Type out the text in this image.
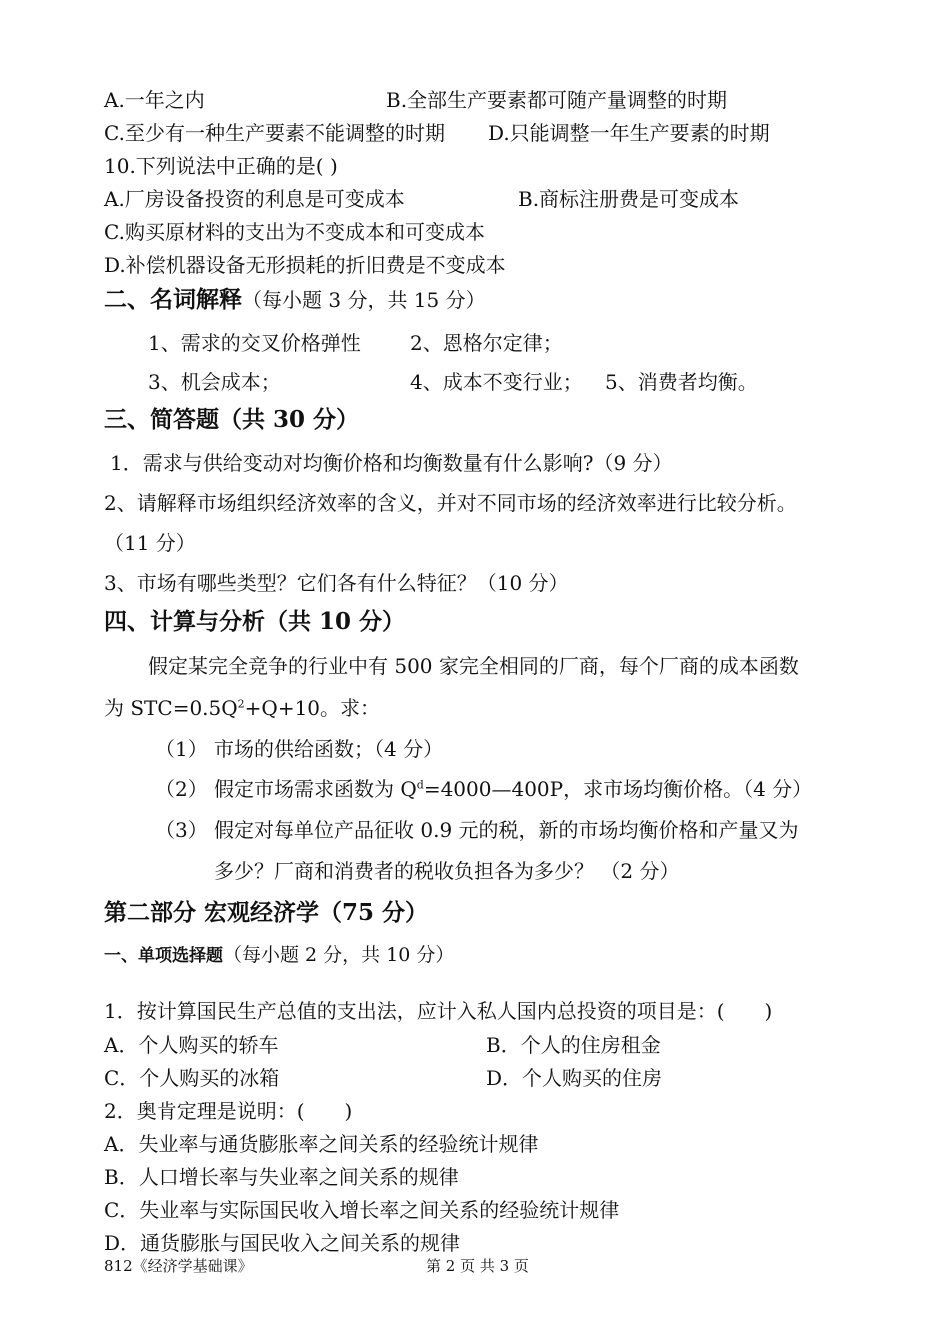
A.一年之内	B.全部生产要素都可随产量调整的时期
C.至少有一种生产要素不能调整的时期 D.只能调整一年生产要素的时期
10.下列说法中正确的是( )
A.厂房设备投资的利息是可变成本	B.商标注册费是可变成本
C.购买原材料的支出为不变成本和可变成本
D.补偿机器设备无形损耗的折旧费是不变成本
二、名词解释（每小题 3 分，共 15 分）
1、需求的交叉价格弹性 2、恩格尔定律；
3、机会成本；	4、成本不变行业； 5、消费者均衡。
三、简答题（共 30 分）
1．需求与供给变动对均衡价格和均衡数量有什么影响?（9 分）
2、请解释市场组织经济效率的含义，并对不同市场的经济效率进行比较分析。
（11 分）
3、市场有哪些类型？它们各有什么特征？（10 分）
四、计算与分析（共 10 分）
假定某完全竞争的行业中有 500 家完全相同的厂商，每个厂商的成本函数
为 $STC=0.5Q^2+Q+10$。求：
（1） 市场的供给函数；（4 分）
（2） 假定市场需求函数为 $Q^d=4000—400P$，求市场均衡价格。（4 分）
（3） 假定对每单位产品征收 0.9 元的税，新的市场均衡价格和产量又为
多少？厂商和消费者的税收负担各为多少？ （2 分）
第二部分 宏观经济学（75 分）
一、单项选择题（每小题 2 分，共 10 分）
1．按计算国民生产总值的支出法，应计入私人国内总投资的项目是：(　　)
A．个人购买的轿车	B．个人的住房租金
C．个人购买的冰箱	D．个人购买的住房
2．奥肯定理是说明：(　　)
A．失业率与通货膨胀率之间关系的经验统计规律
B．人口增长率与失业率之间关系的规律
C．失业率与实际国民收入增长率之间关系的经验统计规律
D．通货膨胀与国民收入之间关系的规律
812《经济学基础课》	第 2 页 共 3 页
